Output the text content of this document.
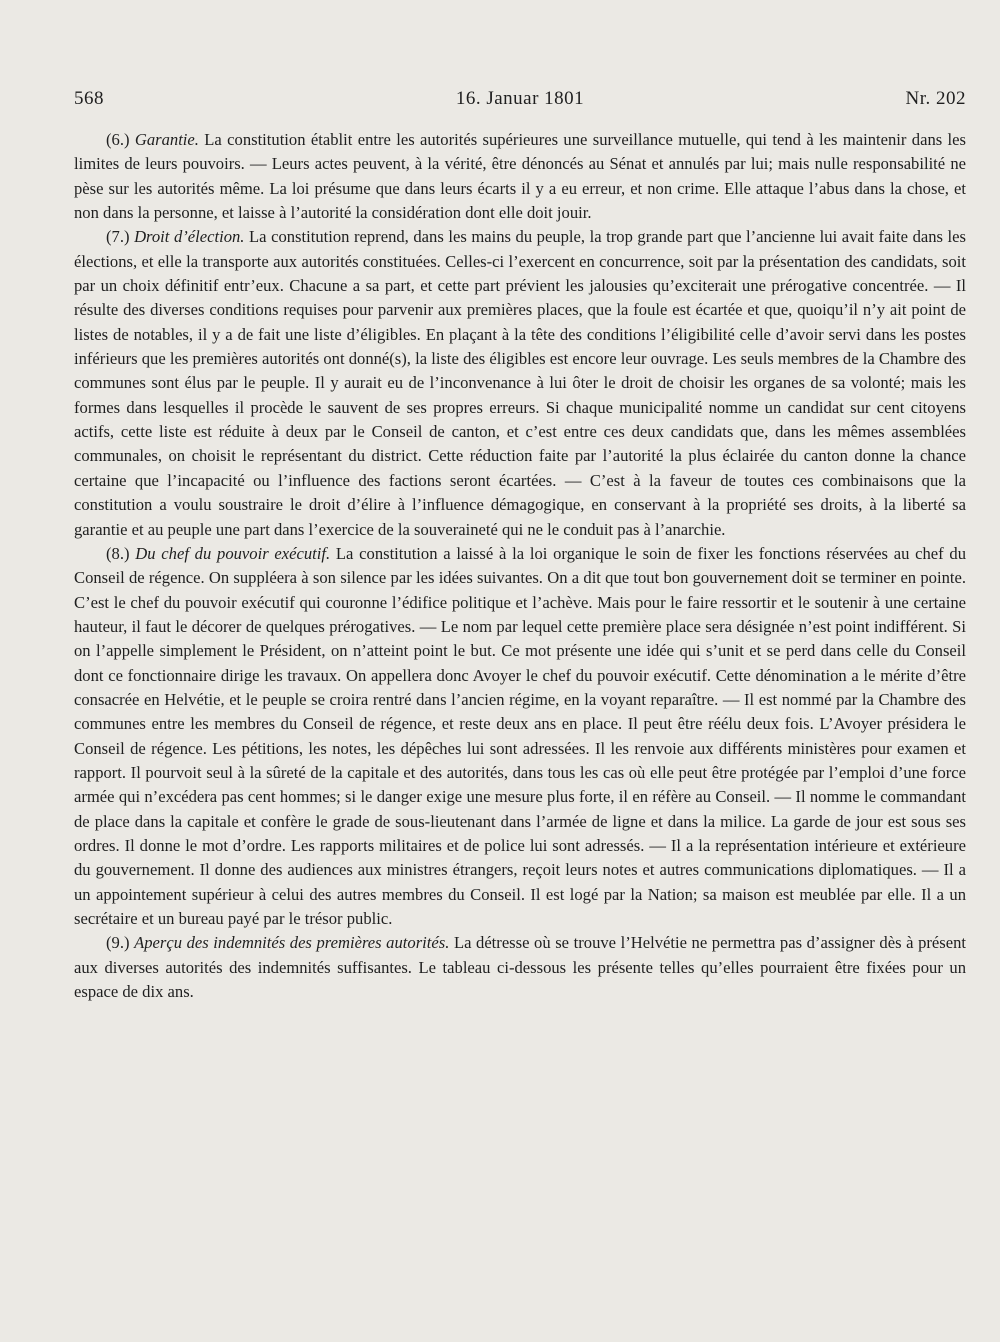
568	16. Januar 1801	Nr. 202

(6.) Garantie. La constitution établit entre les autorités supérieures une surveillance mutuelle, qui tend à les maintenir dans les limites de leurs pouvoirs. — Leurs actes peuvent, à la vérité, être dénoncés au Sénat et annulés par lui; mais nulle responsabilité ne pèse sur les autorités même. La loi présume que dans leurs écarts il y a eu erreur, et non crime. Elle attaque l’abus dans la chose, et non dans la personne, et laisse à l’autorité la considération dont elle doit jouir.

(7.) Droit d’élection. La constitution reprend, dans les mains du peuple, la trop grande part que l’ancienne lui avait faite dans les élections, et elle la transporte aux autorités constituées. Celles-ci l’exercent en concurrence, soit par la présentation des candidats, soit par un choix définitif entr’eux. Chacune a sa part, et cette part prévient les jalousies qu’exciterait une prérogative concentrée. — Il résulte des diverses conditions requises pour parvenir aux premières places, que la foule est écartée et que, quoiqu’il n’y ait point de listes de notables, il y a de fait une liste d’éligibles. En plaçant à la tête des conditions l’éligibilité celle d’avoir servi dans les postes inférieurs que les premières autorités ont donné(s), la liste des éligibles est encore leur ouvrage. Les seuls membres de la Chambre des communes sont élus par le peuple. Il y aurait eu de l’inconvenance à lui ôter le droit de choisir les organes de sa volonté; mais les formes dans lesquelles il procède le sauvent de ses propres erreurs. Si chaque municipalité nomme un candidat sur cent citoyens actifs, cette liste est réduite à deux par le Conseil de canton, et c’est entre ces deux candidats que, dans les mêmes assemblées communales, on choisit le représentant du district. Cette réduction faite par l’autorité la plus éclairée du canton donne la chance certaine que l’incapacité ou l’influence des factions seront écartées. — C’est à la faveur de toutes ces combinaisons que la constitution a voulu soustraire le droit d’élire à l’influence démagogique, en conservant à la propriété ses droits, à la liberté sa garantie et au peuple une part dans l’exercice de la souveraineté qui ne le conduit pas à l’anarchie.

(8.) Du chef du pouvoir exécutif. La constitution a laissé à la loi organique le soin de fixer les fonctions réservées au chef du Conseil de régence. On suppléera à son silence par les idées suivantes. On a dit que tout bon gouvernement doit se terminer en pointe. C’est le chef du pouvoir exécutif qui couronne l’édifice politique et l’achève. Mais pour le faire ressortir et le soutenir à une certaine hauteur, il faut le décorer de quelques prérogatives. — Le nom par lequel cette première place sera désignée n’est point indifférent. Si on l’appelle simplement le Président, on n’atteint point le but. Ce mot présente une idée qui s’unit et se perd dans celle du Conseil dont ce fonctionnaire dirige les travaux. On appellera donc Avoyer le chef du pouvoir exécutif. Cette dénomination a le mérite d’être consacrée en Helvétie, et le peuple se croira rentré dans l’ancien régime, en la voyant reparaître. — Il est nommé par la Chambre des communes entre les membres du Conseil de régence, et reste deux ans en place. Il peut être réélu deux fois. L’Avoyer présidera le Conseil de régence. Les pétitions, les notes, les dépêches lui sont adressées. Il les renvoie aux différents ministères pour examen et rapport. Il pourvoit seul à la sûreté de la capitale et des autorités, dans tous les cas où elle peut être protégée par l’emploi d’une force armée qui n’excédera pas cent hommes; si le danger exige une mesure plus forte, il en réfère au Conseil. — Il nomme le commandant de place dans la capitale et confère le grade de sous-lieutenant dans l’armée de ligne et dans la milice. La garde de jour est sous ses ordres. Il donne le mot d’ordre. Les rapports militaires et de police lui sont adressés. — Il a la représentation intérieure et extérieure du gouvernement. Il donne des audiences aux ministres étrangers, reçoit leurs notes et autres communications diplomatiques. — Il a un appointement supérieur à celui des autres membres du Conseil. Il est logé par la Nation; sa maison est meublée par elle. Il a un secrétaire et un bureau payé par le trésor public.

(9.) Aperçu des indemnités des premières autorités. La détresse où se trouve l’Helvétie ne permettra pas d’assigner dès à présent aux diverses autorités des indemnités suffisantes. Le tableau ci-dessous les présente telles qu’elles pourraient être fixées pour un espace de dix ans.
